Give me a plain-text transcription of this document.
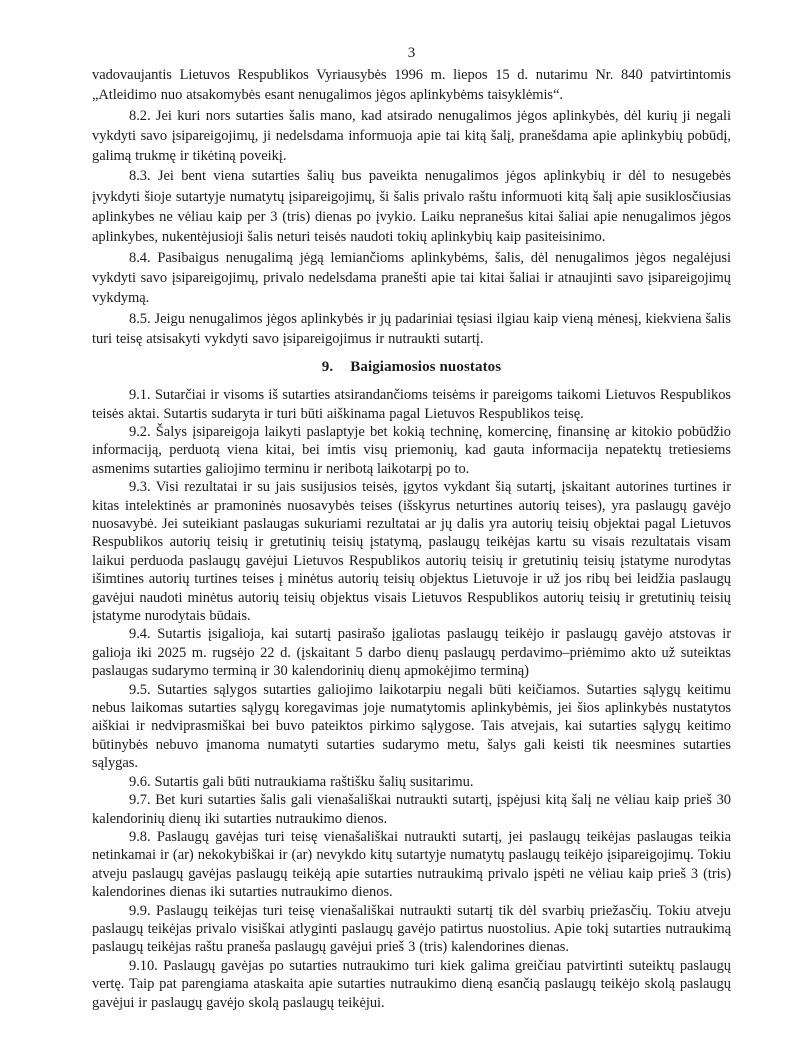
3

vadovaujantis Lietuvos Respublikos Vyriausybės 1996 m. liepos 15 d. nutarimu Nr. 840 patvirtintomis „Atleidimo nuo atsakomybės esant nenugalimos jėgos aplinkybėms taisyklėmis“.

8.2. Jei kuri nors sutarties šalis mano, kad atsirado nenugalimos jėgos aplinkybės, dėl kurių ji negali vykdyti savo įsipareigojimų, ji nedelsdama informuoja apie tai kitą šalį, pranešdama apie aplinkybių pobūdį, galimą trukmę ir tikėtiną poveikį.

8.3. Jei bent viena sutarties šalių bus paveikta nenugalimos jėgos aplinkybių ir dėl to nesugebės įvykdyti šioje sutartyje numatytų įsipareigojimų, ši šalis privalo raštu informuoti kitą šalį apie susiklosčiusias aplinkybes ne vėliau kaip per 3 (tris) dienas po įvykio. Laiku nepranešus kitai šaliai apie nenugalimos jėgos aplinkybes, nukentėjusioji šalis neturi teisės naudoti tokių aplinkybių kaip pasiteisinimo.

8.4. Pasibaigus nenugalimą jėgą lemiančioms aplinkybėms, šalis, dėl nenugalimos jėgos negalėjusi vykdyti savo įsipareigojimų, privalo nedelsdama pranešti apie tai kitai šaliai ir atnaujinti savo įsipareigojimų vykdymą.

8.5. Jeigu nenugalimos jėgos aplinkybės ir jų padariniai tęsiasi ilgiau kaip vieną mėnesį, kiekviena šalis turi teisę atsisakyti vykdyti savo įsipareigojimus ir nutraukti sutartį.

9. Baigiamosios nuostatos

9.1. Sutarčiai ir visoms iš sutarties atsirandančioms teisėms ir pareigoms taikomi Lietuvos Respublikos teisės aktai. Sutartis sudaryta ir turi būti aiškinama pagal Lietuvos Respublikos teisę.

9.2. Šalys įsipareigoja laikyti paslaptyje bet kokią techninę, komercinę, finansinę ar kitokio pobūdžio informaciją, perduotą viena kitai, bei imtis visų priemonių, kad gauta informacija nepatektų tretiesiems asmenims sutarties galiojimo terminu ir neribotą laikotarpį po to.

9.3. Visi rezultatai ir su jais susijusios teisės, įgytos vykdant šią sutartį, įskaitant autorines turtines ir kitas intelektinės ar pramoninės nuosavybės teises (išskyrus neturtines autorių teises), yra paslaugų gavėjo nuosavybė. Jei suteikiant paslaugas sukuriami rezultatai ar jų dalis yra autorių teisių objektai pagal Lietuvos Respublikos autorių teisių ir gretutinių teisių įstatymą, paslaugų teikėjas kartu su visais rezultatais visam laikui perduoda paslaugų gavėjui Lietuvos Respublikos autorių teisių ir gretutinių teisių įstatyme nurodytas išimtines autorių turtines teises į minėtus autorių teisių objektus Lietuvoje ir už jos ribų bei leidžia paslaugų gavėjui naudoti minėtus autorių teisių objektus visais Lietuvos Respublikos autorių teisių ir gretutinių teisių įstatyme nurodytais būdais.

9.4. Sutartis įsigalioja, kai sutartį pasirašo įgaliotas paslaugų teikėjo ir paslaugų gavėjo atstovas ir galioja iki 2025 m. rugsėjo 22 d. (įskaitant 5 darbo dienų paslaugų perdavimo–priėmimo akto už suteiktas paslaugas sudarymo terminą ir 30 kalendorinių dienų apmokėjimo terminą)

9.5. Sutarties sąlygos sutarties galiojimo laikotarpiu negali būti keičiamos. Sutarties sąlygų keitimu nebus laikomas sutarties sąlygų koregavimas joje numatytomis aplinkybėmis, jei šios aplinkybės nustatytos aiškiai ir nedviprasmiškai bei buvo pateiktos pirkimo sąlygose. Tais atvejais, kai sutarties sąlygų keitimo būtinybės nebuvo įmanoma numatyti sutarties sudarymo metu, šalys gali keisti tik neesmines sutarties sąlygas.

9.6. Sutartis gali būti nutraukiama raštišku šalių susitarimu.

9.7. Bet kuri sutarties šalis gali vienašališkai nutraukti sutartį, įspėjusi kitą šalį ne vėliau kaip prieš 30 kalendorinių dienų iki sutarties nutraukimo dienos.

9.8. Paslaugų gavėjas turi teisę vienašališkai nutraukti sutartį, jei paslaugų teikėjas paslaugas teikia netinkamai ir (ar) nekokybiškai ir (ar) nevykdo kitų sutartyje numatytų paslaugų teikėjo įsipareigojimų. Tokiu atveju paslaugų gavėjas paslaugų teikėją apie sutarties nutraukimą privalo įspėti ne vėliau kaip prieš 3 (tris) kalendorines dienas iki sutarties nutraukimo dienos.

9.9. Paslaugų teikėjas turi teisę vienašališkai nutraukti sutartį tik dėl svarbių priežasčių. Tokiu atveju paslaugų teikėjas privalo visiškai atlyginti paslaugų gavėjo patirtus nuostolius. Apie tokį sutarties nutraukimą paslaugų teikėjas raštu praneša paslaugų gavėjui prieš 3 (tris) kalendorines dienas.

9.10. Paslaugų gavėjas po sutarties nutraukimo turi kiek galima greičiau patvirtinti suteiktų paslaugų vertę. Taip pat parengiama ataskaita apie sutarties nutraukimo dieną esančią paslaugų teikėjo skolą paslaugų gavėjui ir paslaugų gavėjo skolą paslaugų teikėjui.
